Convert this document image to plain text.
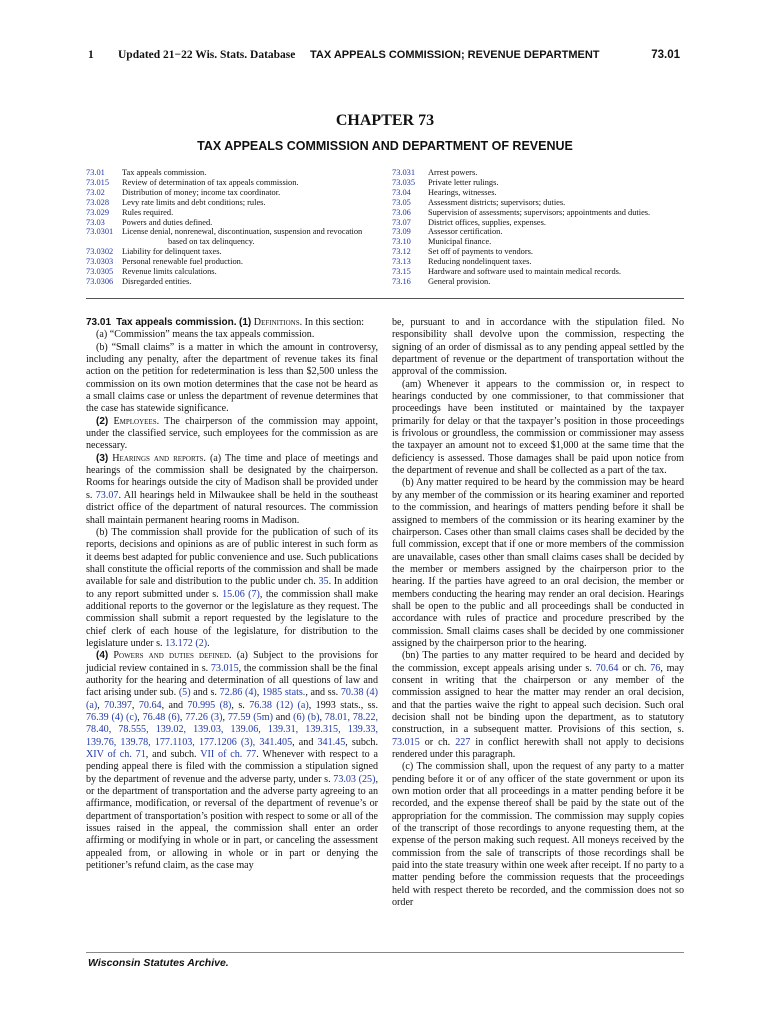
1 Updated 21−22 Wis. Stats. Database TAX APPEALS COMMISSION; REVENUE DEPARTMENT	73.01
CHAPTER 73
TAX APPEALS COMMISSION AND DEPARTMENT OF REVENUE
73.01	Tax appeals commission.
73.015	Review of determination of tax appeals commission.
73.02	Distribution of money; income tax coordinator.
73.028	Levy rate limits and debt conditions; rules.
73.029	Rules required.
73.03	Powers and duties defined.
73.0301	License denial, nonrenewal, discontinuation, suspension and revocation
based on tax delinquency.
73.0302	Liability for delinquent taxes.
73.0303	Personal renewable fuel production.
73.0305	Revenue limits calculations.
73.0306	Disregarded entities.
73.031	Arrest powers.
73.035	Private letter rulings.
73.04	Hearings, witnesses.
73.05	Assessment districts; supervisors; duties.
73.06	Supervision of assessments; supervisors; appointments and duties.
73.07	District offices, supplies, expenses.
73.09	Assessor certification.
73.10	Municipal finance.
73.12	Set off of payments to vendors.
73.13	Reducing nondelinquent taxes.
73.15	Hardware and software used to maintain medical records.
73.16	General provision.

73.01 Tax appeals commission. (1) Definitions. In this section:

(a) “Commission” means the tax appeals commission.

(b) “Small claims” is a matter in which the amount in controversy, including any penalty, after the department of revenue takes its final action on the petition for redetermination is less than $2,500 unless the commission on its own motion determines that the case not be heard as a small claims case or unless the department of revenue determines that the case has statewide significance.

(2) Employees. The chairperson of the commission may appoint, under the classified service, such employees for the commission as are necessary.

(3) Hearings and reports. (a) The time and place of meetings and hearings of the commission shall be designated by the chairperson. Rooms for hearings outside the city of Madison shall be provided under s. 73.07. All hearings held in Milwaukee shall be held in the southeast district office of the department of natural resources. The commission shall maintain permanent hearing rooms in Madison.

(b) The commission shall provide for the publication of such of its reports, decisions and opinions as are of public interest in such form as it deems best adapted for public convenience and use. Such publications shall constitute the official reports of the commission and shall be made available for sale and distribution to the public under ch. 35. In addition to any report submitted under s. 15.06 (7), the commission shall make additional reports to the governor or the legislature as they request. The commission shall submit a report requested by the legislature to the chief clerk of each house of the legislature, for distribution to the legislature under s. 13.172 (2).

(4) Powers and duties defined. (a) Subject to the provisions for judicial review contained in s. 73.015, the commission shall be the final authority for the hearing and determination of all questions of law and fact arising under sub. (5) and s. 72.86 (4), 1985 stats., and ss. 70.38 (4) (a), 70.397, 70.64, and 70.995 (8), s. 76.38 (12) (a), 1993 stats., ss. 76.39 (4) (c), 76.48 (6), 77.26 (3), 77.59 (5m) and (6) (b), 78.01, 78.22, 78.40, 78.555, 139.02, 139.03, 139.06, 139.31, 139.315, 139.33, 139.76, 139.78, 177.1103, 177.1206 (3), 341.405, and 341.45, subch. XIV of ch. 71, and subch. VII of ch. 77. Whenever with respect to a pending appeal there is filed with the commission a stipulation signed by the department of revenue and the adverse party, under s. 73.03 (25), or the department of transportation and the adverse party agreeing to an affirmance, modification, or reversal of the department of revenue’s or department of transportation’s position with respect to some or all of the issues raised in the appeal, the commission shall enter an order affirming or modifying in whole or in part, or canceling the assessment appealed from, or allowing in whole or in part or denying the petitioner’s refund claim, as the case may

be, pursuant to and in accordance with the stipulation filed. No responsibility shall devolve upon the commission, respecting the signing of an order of dismissal as to any pending appeal settled by the department of revenue or the department of transportation without the approval of the commission.

(am) Whenever it appears to the commission or, in respect to hearings conducted by one commissioner, to that commissioner that proceedings have been instituted or maintained by the taxpayer primarily for delay or that the taxpayer’s position in those proceedings is frivolous or groundless, the commission or commissioner may assess the taxpayer an amount not to exceed $1,000 at the same time that the deficiency is assessed. Those damages shall be paid upon notice from the department of revenue and shall be collected as a part of the tax.

(b) Any matter required to be heard by the commission may be heard by any member of the commission or its hearing examiner and reported to the commission, and hearings of matters pending before it shall be assigned to members of the commission or its hearing examiner by the chairperson. Cases other than small claims cases shall be decided by the full commission, except that if one or more members of the commission are unavailable, cases other than small claims cases shall be decided by the member or members assigned by the chairperson prior to the hearing. If the parties have agreed to an oral decision, the member or members conducting the hearing may render an oral decision. Hearings shall be open to the public and all proceedings shall be conducted in accordance with rules of practice and procedure prescribed by the commission. Small claims cases shall be decided by one commissioner assigned by the chairperson prior to the hearing.

(bn) The parties to any matter required to be heard and decided by the commission, except appeals arising under s. 70.64 or ch. 76, may consent in writing that the chairperson or any member of the commission assigned to hear the matter may render an oral decision, and that the parties waive the right to appeal such decision. Such oral decision shall not be binding upon the department, as to statutory construction, in a subsequent matter. Provisions of this section, s. 73.015 or ch. 227 in conflict herewith shall not apply to decisions rendered under this paragraph.

(c) The commission shall, upon the request of any party to a matter pending before it or of any officer of the state government or upon its own motion order that all proceedings in a matter pending before it be recorded, and the expense thereof shall be paid by the state out of the appropriation for the commission. The commission may supply copies of the transcript of those recordings to anyone requesting them, at the expense of the person making such request. All moneys received by the commission from the sale of transcripts of those recordings shall be paid into the state treasury within one week after receipt. If no party to a matter pending before the commission requests that the proceedings held with respect thereto be recorded, and the commission does not so order

Wisconsin Statutes Archive.
